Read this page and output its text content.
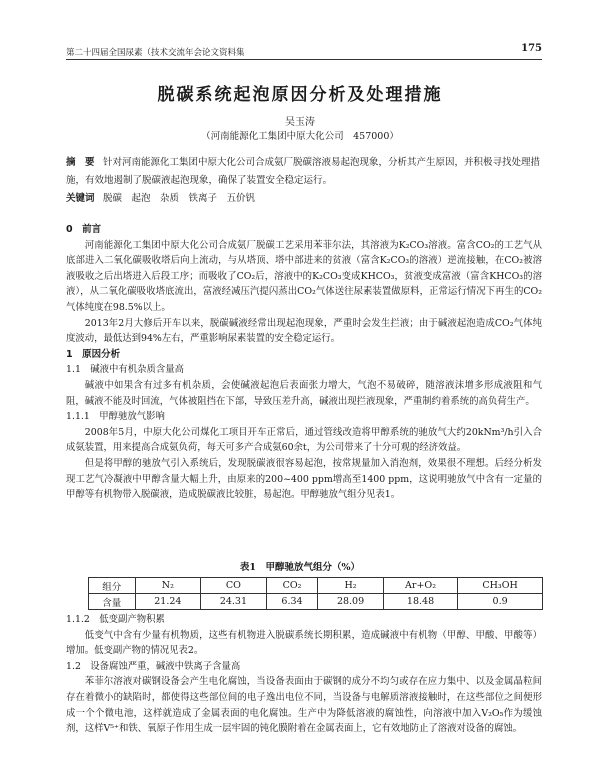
第二十四届全国尿素（技术交流年会论文资料集	175
脱碳系统起泡原因分析及处理措施
吴玉涛
（河南能源化工集团中原大化公司　457000）
摘　要 针对河南能源化工集团中原大化公司合成氨厂脱碳溶液易起泡现象，分析其产生原因，并积极寻找处理措施，有效地遏制了脱碳液起泡现象，确保了装置安全稳定运行。
关键词 脱碳　起泡　杂质　铁离子　五价钒

0　前言

河南能源化工集团中原大化公司合成氨厂脱碳工艺采用苯菲尔法，其溶液为K₂CO₃溶液。富含CO₂的工艺气从底部进入二氧化碳吸收塔后向上流动，与从塔顶、塔中部进来的贫液（富含K₂CO₃的溶液）逆流接触，在CO₂被溶液吸收之后出塔进入后段工序；而吸收了CO₂后，溶液中的K₂CO₃变成KHCO₃，贫液变成富液（富含KHCO₃的溶液），从二氧化碳吸收塔底流出，富液经减压汽提闪蒸出CO₂气体送往尿素装置做原料，正常运行情况下再生的CO₂气体纯度在98.5%以上。

2013年2月大修后开车以来，脱碳碱液经常出现起泡现象，严重时会发生拦液；由于碱液起泡造成CO₂气体纯度波动，最低达到94%左右，严重影响尿素装置的安全稳定运行。

1　原因分析

1.1　碱液中有机杂质含量高

碱液中如果含有过多有机杂质，会使碱液起泡后表面张力增大，气泡不易破碎，随溶液沫增多形成液阻和气阻，碱液不能及时回流，气体被阻挡在下部，导致压差升高，碱液出现拦液现象，严重制约着系统的高负荷生产。

1.1.1　甲醇驰放气影响

2008年5月，中原大化公司煤化工项目开车正常后，通过管线改造将甲醇系统的驰放气大约20kNm³/h引入合成氨装置，用来提高合成氨负荷，每天可多产合成氨60余t，为公司带来了十分可观的经济效益。

但是将甲醇的驰放气引入系统后，发现脱碳液很容易起泡，按常规量加入消泡剂，效果很不理想。后经分析发现工艺气冷凝液中甲醇含量大幅上升，由原来的200~400 ppm增高至1400 ppm，这说明驰放气中含有一定量的甲醇等有机物带入脱碳液，造成脱碳液比较脏，易起泡。甲醇驰放气组分见表1。

表1　甲醇驰放气组分（%）
组分	N₂	CO	CO₂	H₂	Ar+O₂	CH₃OH
含量	21.24	24.31	6.34	28.09	18.48	0.9

1.1.2　低变副产物积累

低变气中含有少量有机物质，这些有机物进入脱碳系统长期积累，造成碱液中有机物（甲醇、甲酸、甲酸等）增加。低变副产物的情况见表2。

1.2　设备腐蚀严重，碱液中铁离子含量高

苯菲尔溶液对碳钢设备会产生电化腐蚀，当设备表面由于碳钢的成分不均匀或存在应力集中、以及金属晶粒间存在着微小的缺陷时，都使得这些部位间的电子逸出电位不同，当设备与电解质溶液接触时，在这些部位之间便形成一个个微电池，这样就造成了金属表面的电化腐蚀。生产中为降低溶液的腐蚀性，向溶液中加入V₂O₅作为缓蚀剂，这样V⁵⁺和铁、氧原子作用生成一层牢固的钝化膜附着在金属表面上，它有效地防止了溶液对设备的腐蚀。
